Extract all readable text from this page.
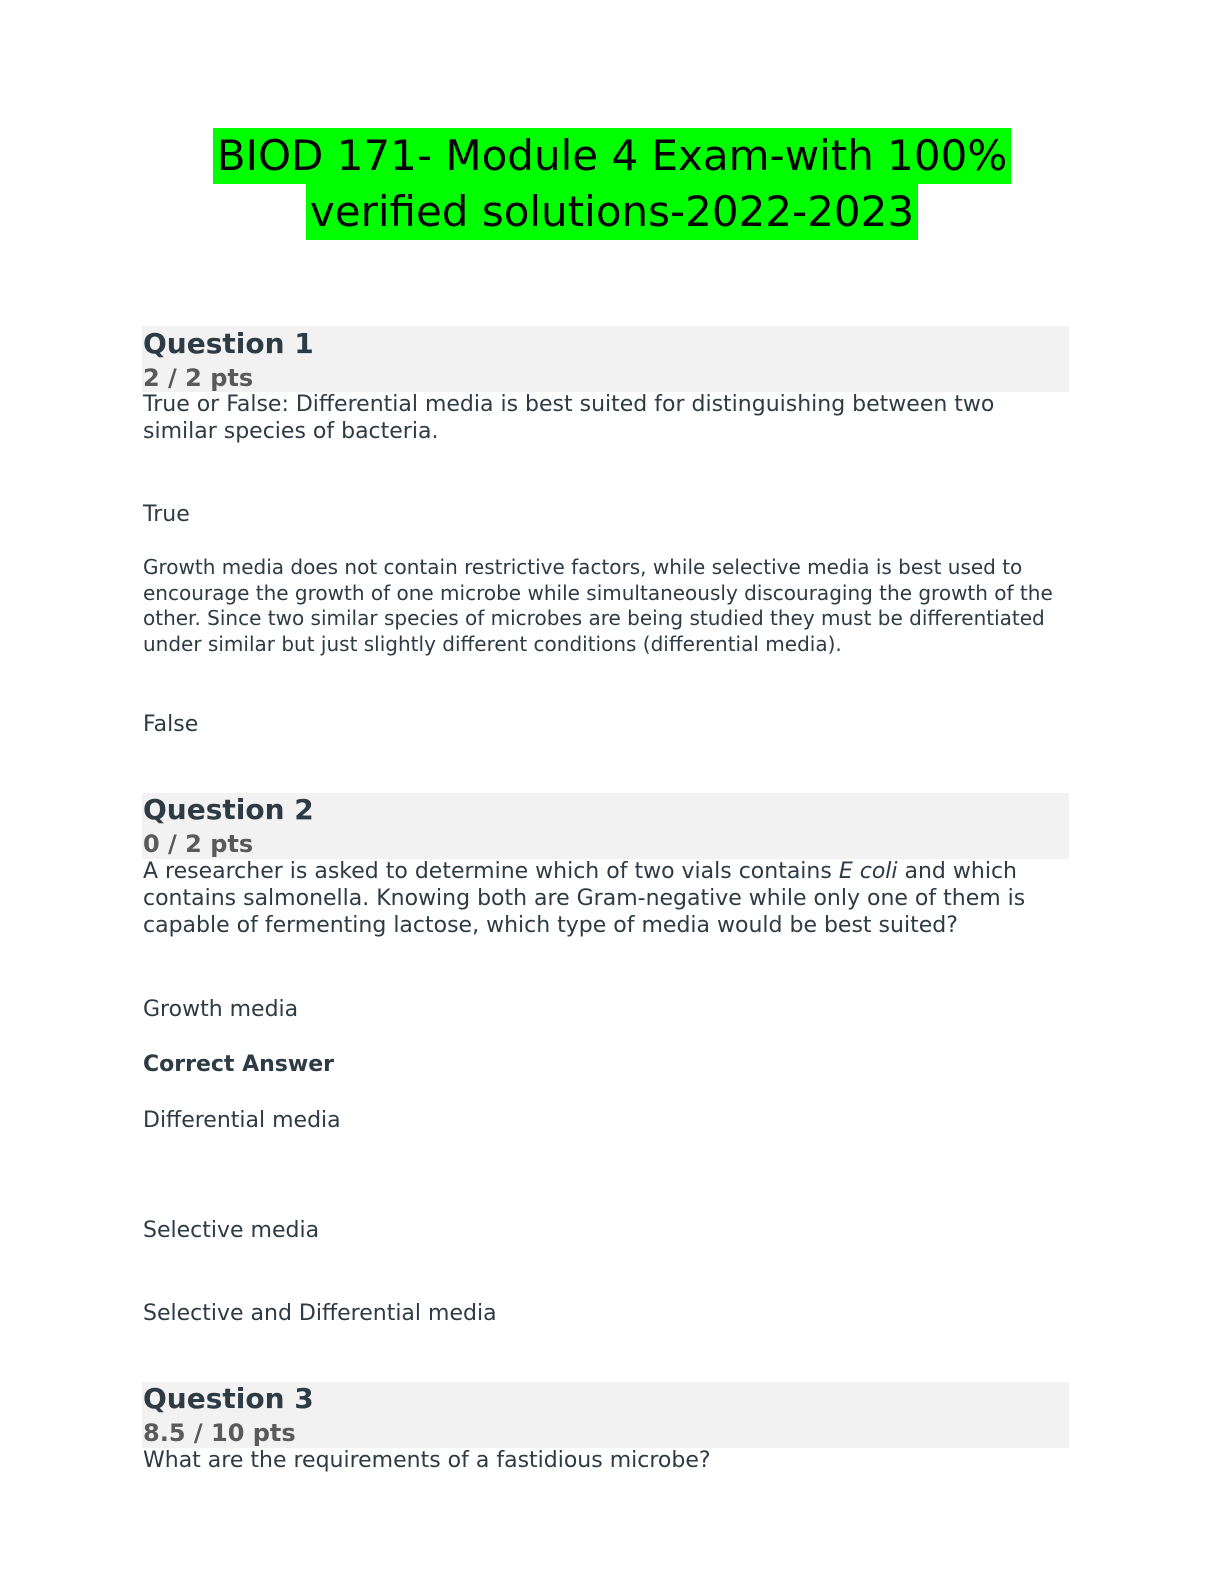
BIOD 171- Module 4 Exam-with 100%
verified solutions-2022-2023
Question 1
2 / 2 pts
True or False: Differential media is best suited for distinguishing between two similar species of bacteria.
True
Growth media does not contain restrictive factors, while selective media is best used to encourage the growth of one microbe while simultaneously discouraging the growth of the other. Since two similar species of microbes are being studied they must be differentiated under similar but just slightly different conditions (differential media).
False
Question 2
0 / 2 pts
A researcher is asked to determine which of two vials contains E coli and which contains salmonella. Knowing both are Gram-negative while only one of them is capable of fermenting lactose, which type of media would be best suited?
Growth media
Correct Answer
Differential media
Selective media
Selective and Differential media
Question 3
8.5 / 10 pts
What are the requirements of a fastidious microbe?
